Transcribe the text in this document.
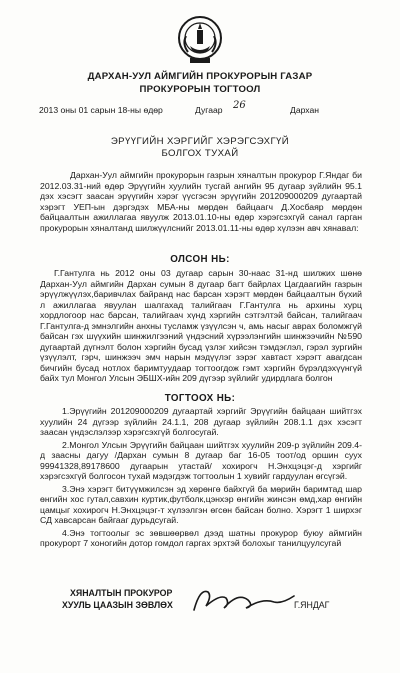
ДАРХАН-УУЛ АЙМГИЙН ПРОКУРОРЫН ГАЗАР
ПРОКУРОРЫН ТОГТООЛ
2013 оны 01 сарын 18-ны өдөр	Дугаар 26	Дархан
ЭРҮҮГИЙН ХЭРГИЙГ ХЭРЭГСЭХГҮЙ
БОЛГОХ ТУХАЙ
Дархан-Уул аймгийн прокурорын газрын хяналтын прокурор Г.Яндаг би 2012.03.31-ний өдөр Эрүүгийн хуулийн тусгай ангийн 95 дугаар зүйлийн 95.1 дэх хэсэгт заасан эрүүгийн хэрэг үүсгэсэн эрүүгийн 201209000209 дугаартай хэрэгт УЕП-ын дэргэдэх МБА-ны мөрдөн байцаагч Д.Хосбаяр мөрдөн байцаалтын ажиллагаа явуулж 2013.01.10-ны өдөр хэрэгсэхгүй санал гарган прокурорын хяналтанд шилжүүлснийг 2013.01.11-ны өдөр хүлээн авч хянавал:
ОЛСОН НЬ:
Г.Гантулга нь 2012 оны 03 дугаар сарын 30-наас 31-нд шилжих шөнө Дархан-Уул аймгийн Дархан сумын 8 дугаар багт байрлах Цагдаагийн газрын эрүүлжүүлэх,баривчлах байранд нас барсан хэрэгт мөрдөн байцаалтын бүхий л ажиллагаа явуулан шалгахад талийгаач Г.Гантулга нь архины хурц хордлогоор нас барсан, талийгаач хүнд хэргийн сэтгэлтэй байсан, талийгаач Г.Гантулга-д эмнэлгийн анхны тусламж үзүүлсэн ч, амь насыг аврах боломжгүй байсан гэх шүүхийн шинжилгээний үндэсний хүрээлэнгийн шинжээчийн №590 дугаартай дүгнэлт болон хэргийн бусад үзлэг хийсэн тэмдэглэл, гэрэл зургийн үзүүлэлт, гэрч, шинжээч эмч нарын мэдүүлэг зэрэг хавтаст хэрэгт авагдсан бичгийн бусад нотлох баримтуудаар тогтоогдож гэмт хэргийн бүрэлдэхүүнгүй байх тул Монгол Улсын ЭБШХ-ийн 209 дүгээр зүйлийг удирдлага болгон
ТОГТООХ НЬ:

1.Эрүүгийн 201209000209 дугаартай хэргийг Эрүүгийн байцаан шийтгэх хуулийн 24 дүгээр зүйлийн 24.1.1, 208 дугаар зүйлийн 208.1.1 дэх хэсэгт заасан үндэслэлээр хэрэгсэхгүй болгосугай.

2.Монгол Улсын Эрүүгийн байцаан шийтгэх хуулийн 209-р зүйлийн 209.4-д заасны дагуу /Дархан сумын 8 дугаар баг 16-05 тоот/од оршин суух 99941328,89178600 дугаарын утастай/ хохирогч Н.Энхцэцэг-д хэргийг хэрэгсэхгүй болгосон тухай мэдэгдэж тогтоолын 1 хувийг гардуулан өгсүгэй.

3.Энэ хэрэгт битүүмжилсэн эд хөрөнгө байхгүй ба мөрийн баримтад шар өнгийн хос гутал,савхин куртик,футболк,цэнхэр өнгийн жинсэн өмд,хар өнгийн цамцыг хохирогч Н.Энхцэцэг-т хүлээлгэн өгсөн байсан болно. Хэрэгт 1 ширхэг СД хавсарсан байгааг дурьдсугай.

4.Энэ тогтоолыг эс зөвшөөрвөл дээд шатны прокурор буюу аймгийн прокурорт 7 хоногийн дотор гомдол гаргах эрхтэй болохыг танилцуулсугай

ХЯНАЛТЫН ПРОКУРОР
ХУУЛЬ ЦААЗЫН ЗӨВЛӨХ	Г.ЯНДАГ
